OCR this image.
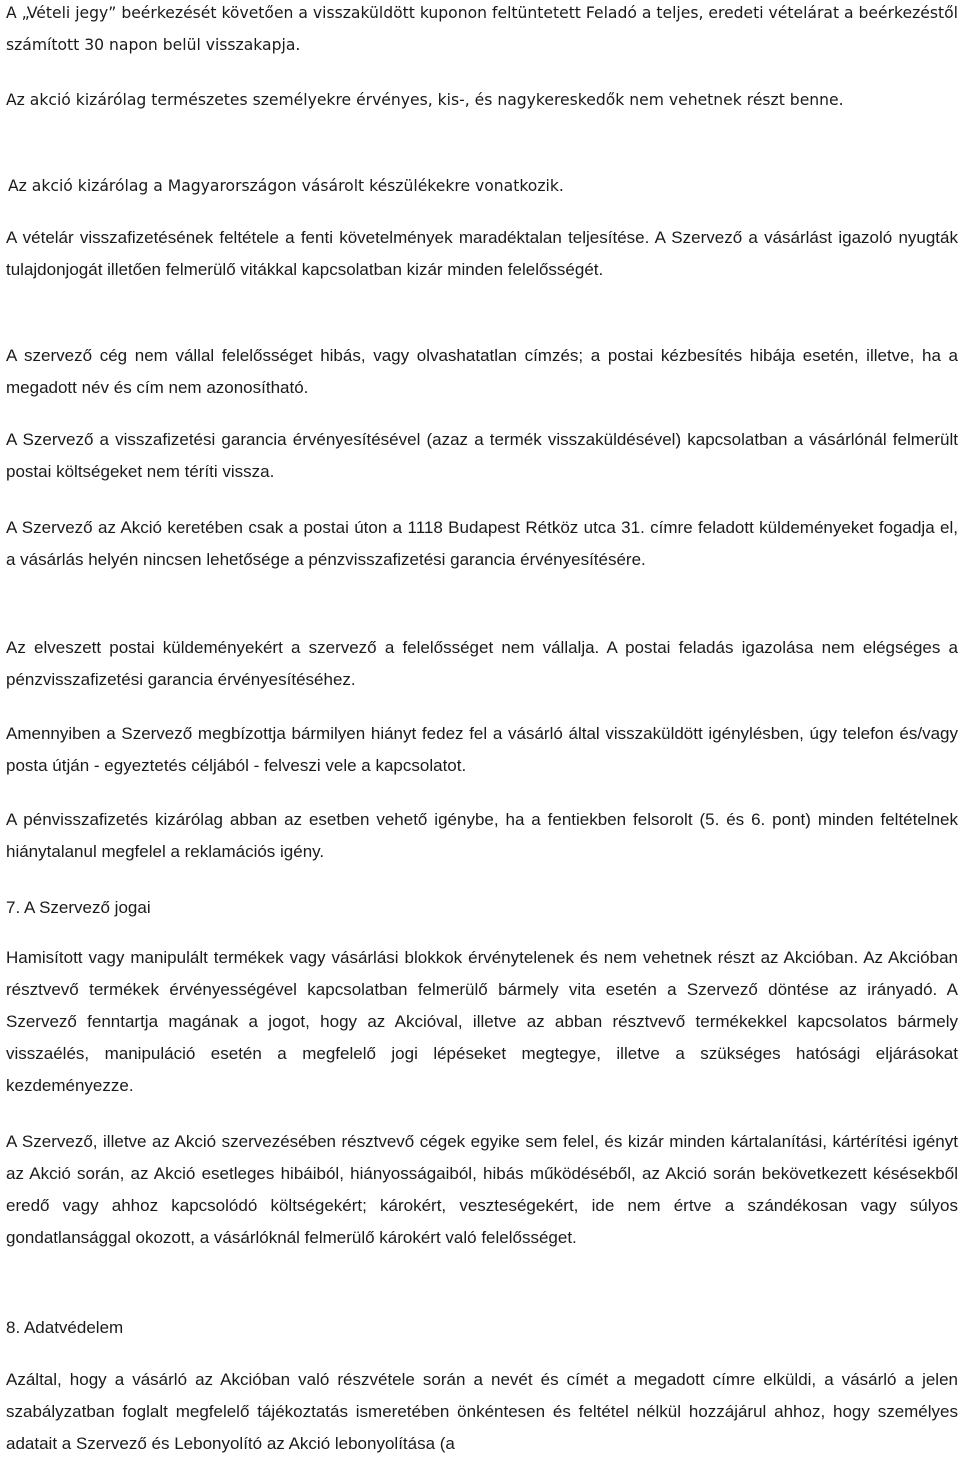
A „Vételi jegy” beérkezését követően a visszaküldött kuponon feltüntetett Feladó a teljes, eredeti vételárat a beérkezéstől számított 30 napon belül visszakapja.

Az akció kizárólag természetes személyekre érvényes, kis-, és nagykereskedők nem vehetnek részt benne.

Az akció kizárólag a Magyarországon vásárolt készülékekre vonatkozik.

A vételár visszafizetésének feltétele a fenti követelmények maradéktalan teljesítése. A Szervező a vásárlást igazoló nyugták tulajdonjogát illetően felmerülő vitákkal kapcsolatban kizár minden felelősségét.

A szervező cég nem vállal felelősséget hibás, vagy olvashatatlan címzés; a postai kézbesítés hibája esetén, illetve, ha a megadott név és cím nem azonosítható.

A Szervező a visszafizetési garancia érvényesítésével (azaz a termék visszaküldésével) kapcsolatban a vásárlónál felmerült postai költségeket nem téríti vissza.

A Szervező az Akció keretében csak a postai úton a 1118 Budapest Rétköz utca 31. címre feladott küldeményeket fogadja el, a vásárlás helyén nincsen lehetősége a pénzvisszafizetési garancia érvényesítésére.

Az elveszett postai küldeményekért a szervező a felelősséget nem vállalja. A postai feladás igazolása nem elégséges a pénzvisszafizetési garancia érvényesítéséhez.

Amennyiben a Szervező megbízottja bármilyen hiányt fedez fel a vásárló által visszaküldött igénylésben, úgy telefon és/vagy posta útján - egyeztetés céljából - felveszi vele a kapcsolatot.

A pénvisszafizetés kizárólag abban az esetben vehető igénybe, ha a fentiekben felsorolt (5. és 6. pont) minden feltételnek hiánytalanul megfelel a reklamációs igény.

7. A Szervező jogai

Hamisított vagy manipulált termékek vagy vásárlási blokkok érvénytelenek és nem vehetnek részt az Akcióban. Az Akcióban résztvevő termékek érvényességével kapcsolatban felmerülő bármely vita esetén a Szervező döntése az irányadó. A Szervező fenntartja magának a jogot, hogy az Akcióval, illetve az abban résztvevő termékekkel kapcsolatos bármely visszaélés, manipuláció esetén a megfelelő jogi lépéseket megtegye, illetve a szükséges hatósági eljárásokat kezdeményezze.

A Szervező, illetve az Akció szervezésében résztvevő cégek egyike sem felel, és kizár minden kártalanítási, kártérítési igényt az Akció során, az Akció esetleges hibáiból, hiányosságaiból, hibás működéséből, az Akció során bekövetkezett késésekből eredő vagy ahhoz kapcsolódó költségekért; károkért, veszteségekért, ide nem értve a szándékosan vagy súlyos gondatlansággal okozott, a vásárlóknál felmerülő károkért való felelősséget.

8. Adatvédelem

Azáltal, hogy a vásárló az Akcióban való részvétele során a nevét és címét a megadott címre elküldi, a vásárló a jelen szabályzatban foglalt megfelelő tájékoztatás ismeretében önkéntesen és feltétel nélkül hozzájárul ahhoz, hogy személyes adatait a Szervező és Lebonyolító az Akció lebonyolítása (a
